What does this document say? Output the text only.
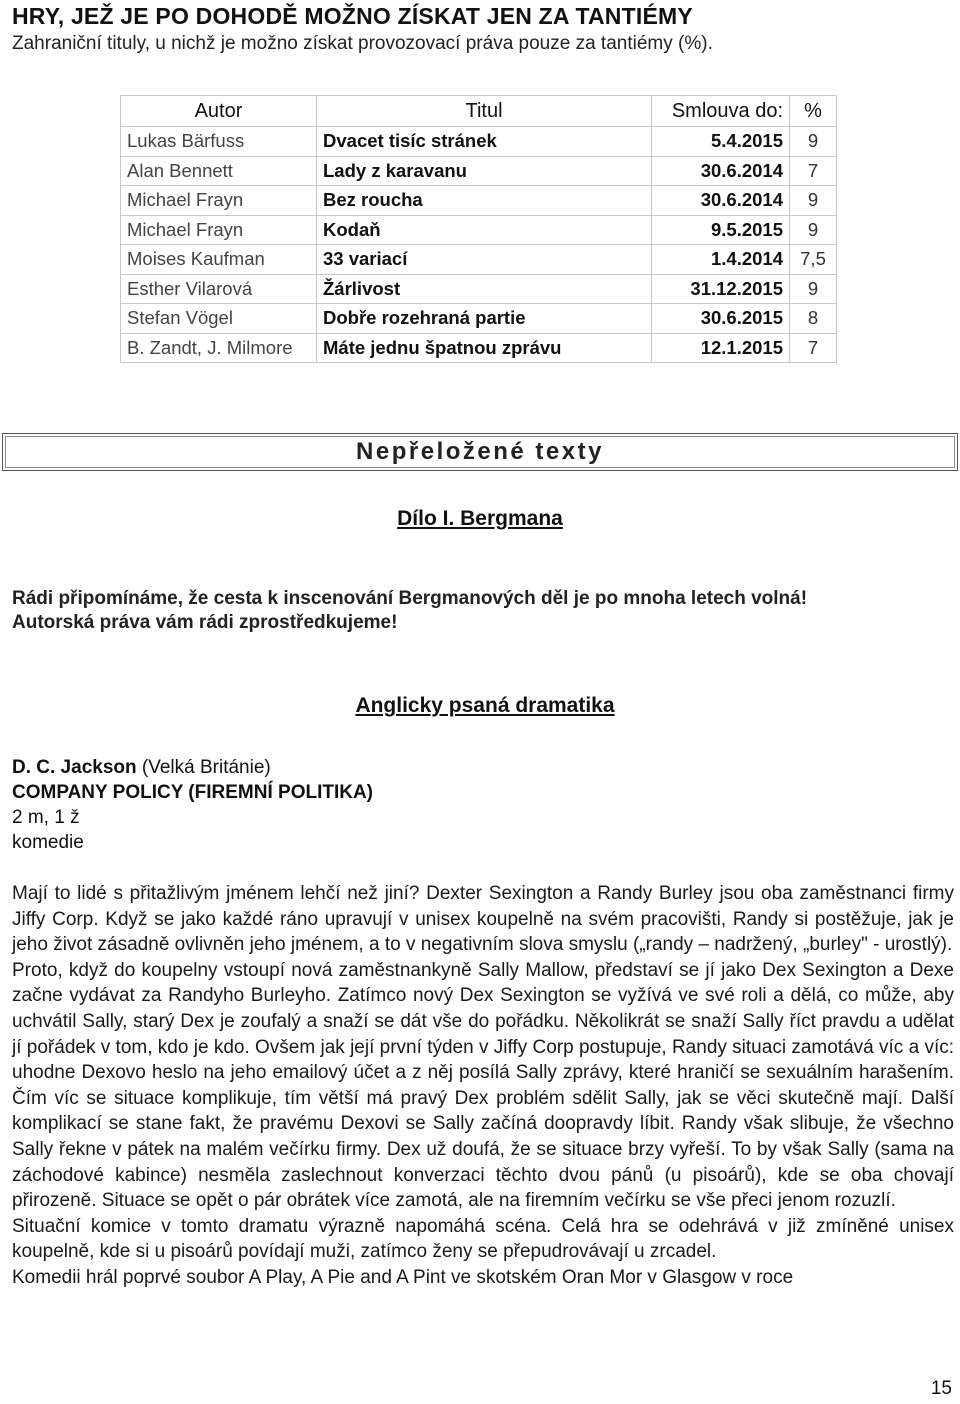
HRY, JEŽ JE PO DOHODĚ MOŽNO ZÍSKAT JEN ZA TANTIÉMY
Zahraniční tituly, u nichž je možno získat provozovací práva pouze za tantiémy (%).
Autor	Titul	Smlouva do:	%
Lukas Bärfuss	Dvacet tisíc stránek	5.4.2015	9
Alan Bennett	Lady z karavanu	30.6.2014	7
Michael Frayn	Bez roucha	30.6.2014	9
Michael Frayn	Kodaň	9.5.2015	9
Moises Kaufman	33 variací	1.4.2014	7,5
Esther Vilarová	Žárlivost	31.12.2015	9
Stefan Vögel	Dobře rozehraná partie	30.6.2015	8
B. Zandt, J. Milmore	Máte jednu špatnou zprávu	12.1.2015	7
Nepřeložené texty
Dílo I. Bergmana
Rádi připomínáme, že cesta k inscenování Bergmanových děl je po mnoha letech volná!
Autorská práva vám rádi zprostředkujeme!
Anglicky psaná dramatika
D. C. Jackson (Velká Británie)
COMPANY POLICY (FIREMNÍ POLITIKA)
2 m, 1 ž
komedie

Mají to lidé s přitažlivým jménem lehčí než jiní? Dexter Sexington a Randy Burley jsou oba zaměstnanci firmy Jiffy Corp. Když se jako každé ráno upravují v unisex koupelně na svém pracovišti, Randy si postěžuje, jak je jeho život zásadně ovlivněn jeho jménem, a to v negativním slova smyslu („randy – nadržený, „burley" - urostlý).

Proto, když do koupelny vstoupí nová zaměstnankyně Sally Mallow, představí se jí jako Dex Sexington a Dexe začne vydávat za Randyho Burleyho. Zatímco nový Dex Sexington se vyžívá ve své roli a dělá, co může, aby uchvátil Sally, starý Dex je zoufalý a snaží se dát vše do pořádku. Několikrát se snaží Sally říct pravdu a udělat jí pořádek v tom, kdo je kdo. Ovšem jak její první týden v Jiffy Corp postupuje, Randy situaci zamotává víc a víc: uhodne Dexovo heslo na jeho emailový účet a z něj posílá Sally zprávy, které hraničí se sexuálním harašením. Čím víc se situace komplikuje, tím větší má pravý Dex problém sdělit Sally, jak se věci skutečně mají. Další komplikací se stane fakt, že pravému Dexovi se Sally začíná doopravdy líbit. Randy však slibuje, že všechno Sally řekne v pátek na malém večírku firmy. Dex už doufá, že se situace brzy vyřeší. To by však Sally (sama na záchodové kabince) nesměla zaslechnout konverzaci těchto dvou pánů (u pisoárů), kde se oba chovají přirozeně. Situace se opět o pár obrátek více zamotá, ale na firemním večírku se vše přeci jenom rozuzlí.

Situační komice v tomto dramatu výrazně napomáhá scéna. Celá hra se odehrává v již zmíněné unisex koupelně, kde si u pisoárů povídají muži, zatímco ženy se přepudrovávají u zrcadel.

Komedii hrál poprvé soubor A Play, A Pie and A Pint ve skotském Oran Mor v Glasgow v roce

15
